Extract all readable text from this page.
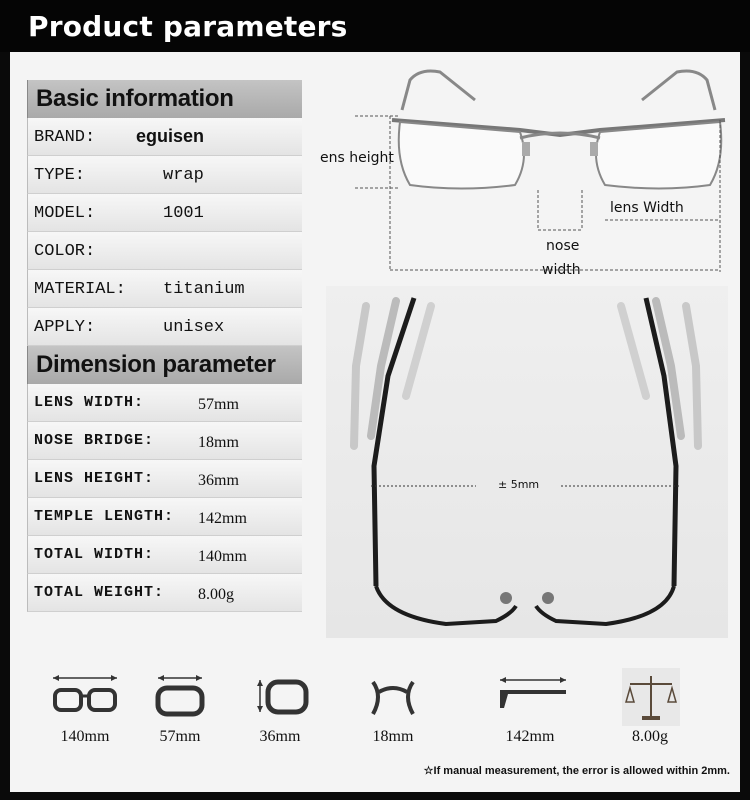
Product parameters
Basic information
BRAND: eguisen
TYPE:	wrap
MODEL:	1001
COLOR:
MATERIAL: titanium
APPLY:	unisex
Dimension parameter
LENS WIDTH:	57mm
NOSE BRIDGE:	18mm
LENS HEIGHT:	36mm
TEMPLE LENGTH: 142mm
TOTAL WIDTH:	140mm
TOTAL WEIGHT: 8.00g
ens height
lens Width
nose
width
± 5mm
140mm	57mm	36mm	18mm	142mm	8.00g
☆If manual measurement, the error is allowed within 2mm.
